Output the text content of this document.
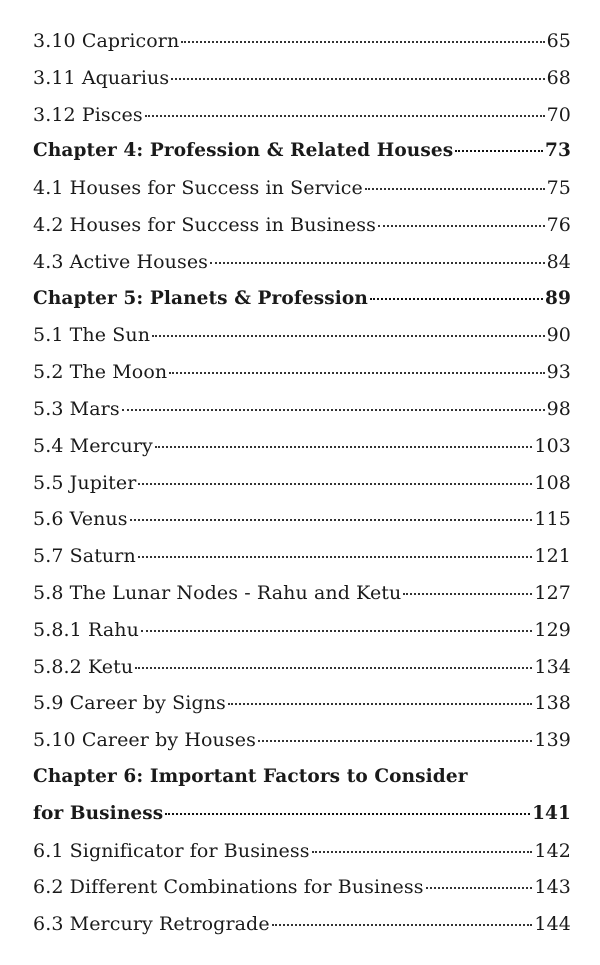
3.10 Capricorn	65
3.11 Aquarius	68
3.12 Pisces	70
Chapter 4: Profession & Related Houses	73
4.1 Houses for Success in Service	75
4.2 Houses for Success in Business	76
4.3 Active Houses	84
Chapter 5: Planets & Profession	89
5.1 The Sun	90
5.2 The Moon	93
5.3 Mars	98
5.4 Mercury	103
5.5 Jupiter	108
5.6 Venus	115
5.7 Saturn	121
5.8 The Lunar Nodes - Rahu and Ketu	127
5.8.1 Rahu	129
5.8.2 Ketu	134
5.9 Career by Signs	138
5.10 Career by Houses	139
Chapter 6: Important Factors to Consider
for Business	141
6.1 Significator for Business	142
6.2 Different Combinations for Business	143
6.3 Mercury Retrograde	144
